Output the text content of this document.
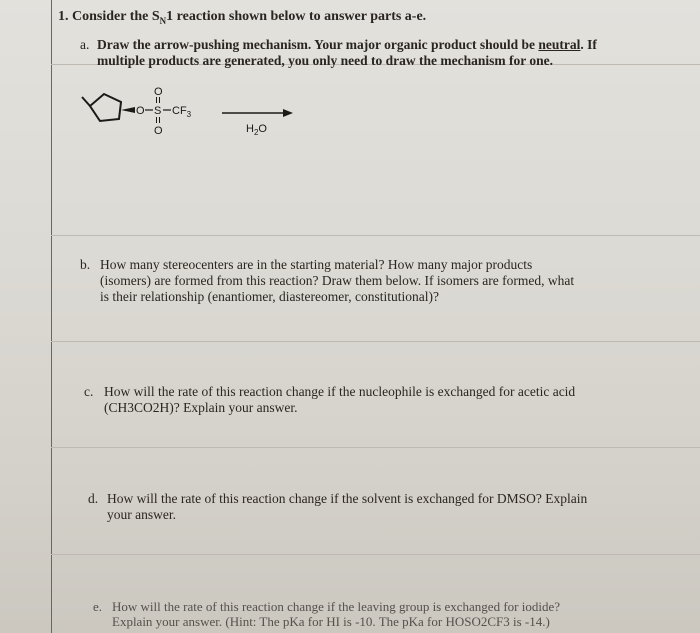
1. Consider the $S_N1$ reaction shown below to answer parts a-e.
a. Draw the arrow-pushing mechanism. Your major organic product should be neutral. If
multiple products are generated, you only need to draw the mechanism for one.
O S $CF_3$
O
O	$H_2O$
b. How many stereocenters are in the starting material? How many major products
(isomers) are formed from this reaction? Draw them below. If isomers are formed, what
is their relationship (enantiomer, diastereomer, constitutional)?
c. How will the rate of this reaction change if the nucleophile is exchanged for acetic acid
(CH3CO2H)? Explain your answer.
d. How will the rate of this reaction change if the solvent is exchanged for DMSO? Explain
your answer.
e. How will the rate of this reaction change if the leaving group is exchanged for iodide?
Explain your answer. (Hint: The pKa for HI is -10. The pKa for HOSO2CF3 is -14.)
